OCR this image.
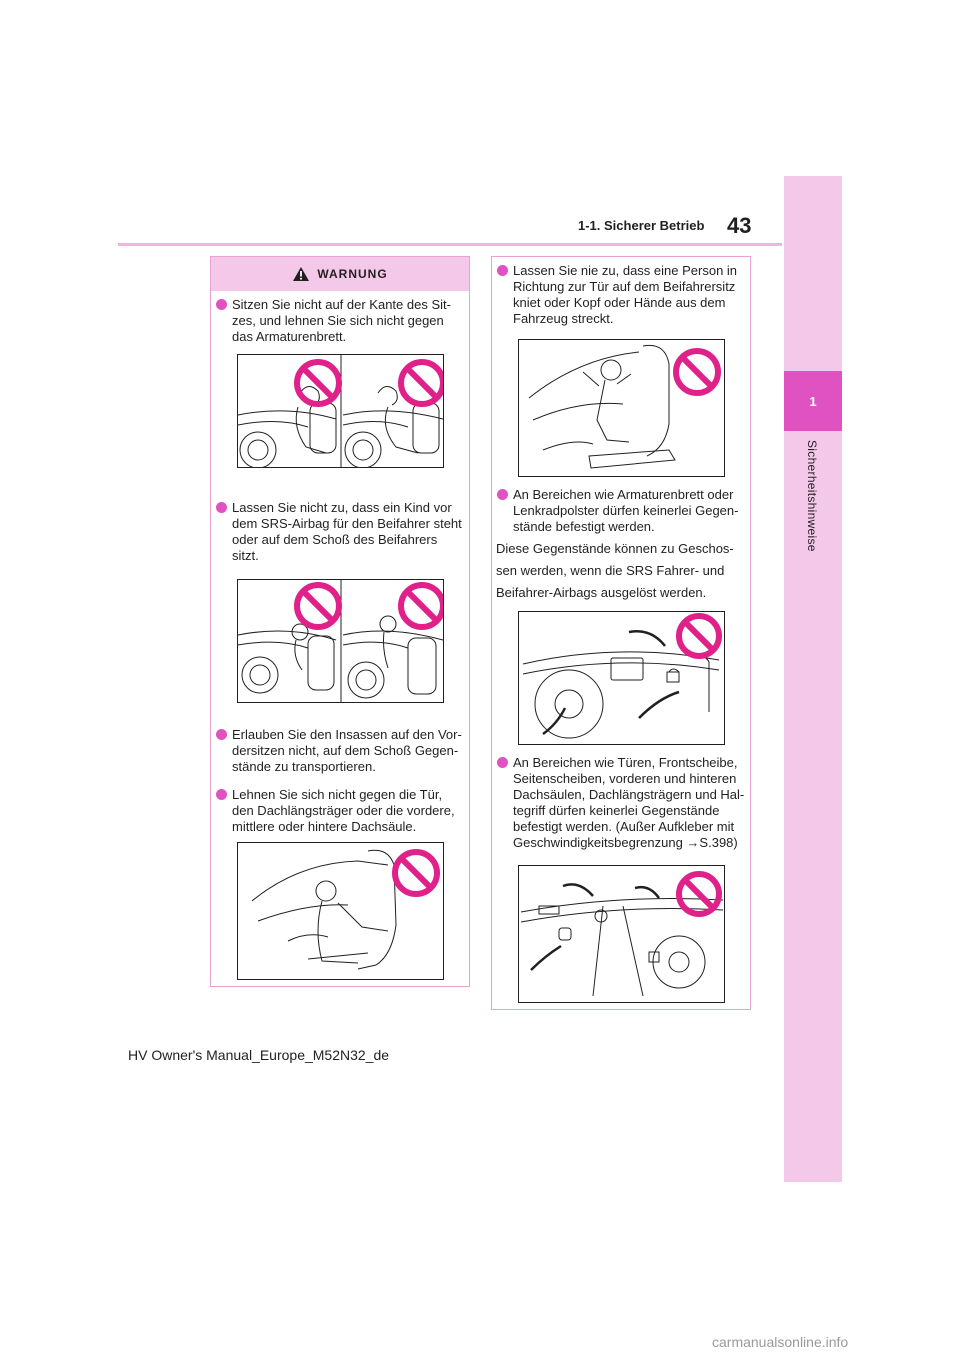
1-1. Sicherer Betrieb 43
1
Sicherheitshinweise
WARNUNG
Sitzen Sie nicht auf der Kante des Sit-
zes, und lehnen Sie sich nicht gegen
das Armaturenbrett.
Lassen Sie nicht zu, dass ein Kind vor
dem SRS-Airbag für den Beifahrer steht
oder auf dem Schoß des Beifahrers
sitzt.
Erlauben Sie den Insassen auf den Vor-
dersitzen nicht, auf dem Schoß Gegen-
stände zu transportieren.
Lehnen Sie sich nicht gegen die Tür,
den Dachlängsträger oder die vordere,
mittlere oder hintere Dachsäule.
Lassen Sie nie zu, dass eine Person in
Richtung zur Tür auf dem Beifahrersitz
kniet oder Kopf oder Hände aus dem
Fahrzeug streckt.
An Bereichen wie Armaturenbrett oder
Lenkradpolster dürfen keinerlei Gegen-
stände befestigt werden.
Diese Gegenstände können zu Geschos-
sen werden, wenn die SRS Fahrer- und
Beifahrer-Airbags ausgelöst werden.
An Bereichen wie Türen, Frontscheibe,
Seitenscheiben, vorderen und hinteren
Dachsäulen, Dachlängsträgern und Hal-
tegriff dürfen keinerlei Gegenstände
befestigt werden. (Außer Aufkleber mit
Geschwindigkeitsbegrenzung →S.398)
HV Owner's Manual_Europe_M52N32_de
carmanualsonline.info
